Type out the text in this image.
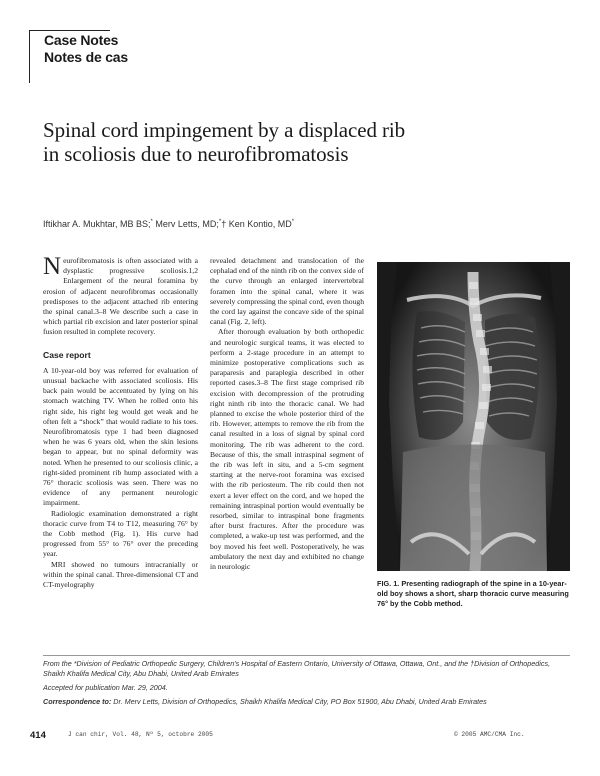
Case Notes
Notes de cas
Spinal cord impingement by a displaced rib
in scoliosis due to neurofibromatosis
Iftikhar A. Mukhtar, MB BS;* Merv Letts, MD;*† Ken Kontio, MD*

Neurofibromatosis is often associated with a dysplastic progressive scoliosis.1,2 Enlargement of the neural foramina by erosion of adjacent neurofibromas occasionally predisposes to the adjacent attached rib entering the spinal canal.3–8 We describe such a case in which partial rib excision and later posterior spinal fusion resulted in complete recovery.

Case report

A 10-year-old boy was referred for evaluation of unusual backache with associated scoliosis. His back pain would be accentuated by lying on his stomach watching TV. When he rolled onto his right side, his right leg would get weak and he often felt a “shock” that would radiate to his toes. Neurofibromatosis type 1 had been diagnosed when he was 6 years old, when the skin lesions began to appear, but no spinal deformity was noted. When he presented to our scoliosis clinic, a right-sided prominent rib hump associated with a 76° thoracic scoliosis was seen. There was no evidence of any permanent neurologic impairment.

Radiologic examination demonstrated a right thoracic curve from T4 to T12, measuring 76° by the Cobb method (Fig. 1). His curve had progressed from 55° to 76° over the preceding year.

MRI showed no tumours intracranially or within the spinal canal. Three-dimensional CT and CT-myelography

revealed detachment and translocation of the cephalad end of the ninth rib on the convex side of the curve through an enlarged intervertebral foramen into the spinal canal, where it was severely compressing the spinal cord, even though the cord lay against the concave side of the spinal canal (Fig. 2, left).

After thorough evaluation by both orthopedic and neurologic surgical teams, it was elected to perform a 2-stage procedure in an attempt to minimize postoperative complications such as paraparesis and paraplegia described in other reported cases.3–8 The first stage comprised rib excision with decompression of the protruding right ninth rib into the thoracic canal. We had planned to excise the whole posterior third of the rib. However, attempts to remove the rib from the canal resulted in a loss of signal by spinal cord monitoring. The rib was adherent to the cord. Because of this, the small intraspinal segment of the rib was left in situ, and a 5-cm segment starting at the nerve-root foramina was excised with the rib periosteum. The rib could then not exert a lever effect on the cord, and we hoped the remaining intraspinal portion would eventually be resorbed, similar to intraspinal bone fragments after burst fractures. After the procedure was completed, a wake-up test was performed, and the boy moved his feet well. Postoperatively, he was ambulatory the next day and exhibited no change in neurologic

FIG. 1. Presenting radiograph of the spine in a 10-year-old boy shows a short, sharp thoracic curve measuring 76° by the Cobb method.
From the *Division of Pediatric Orthopedic Surgery, Children’s Hospital of Eastern Ontario, University of Ottawa, Ottawa, Ont., and the †Division of Orthopedics, Shaikh Khalifa Medical City, Abu Dhabi, United Arab Emirates
Accepted for publication Mar. 29, 2004.
Correspondence to: Dr. Merv Letts, Division of Orthopedics, Shaikh Khalifa Medical City, PO Box 51900, Abu Dhabi, United Arab Emirates
414	J can chir, Vol. 48, Nº 5, octobre 2005	© 2005 AMC/CMA Inc.
